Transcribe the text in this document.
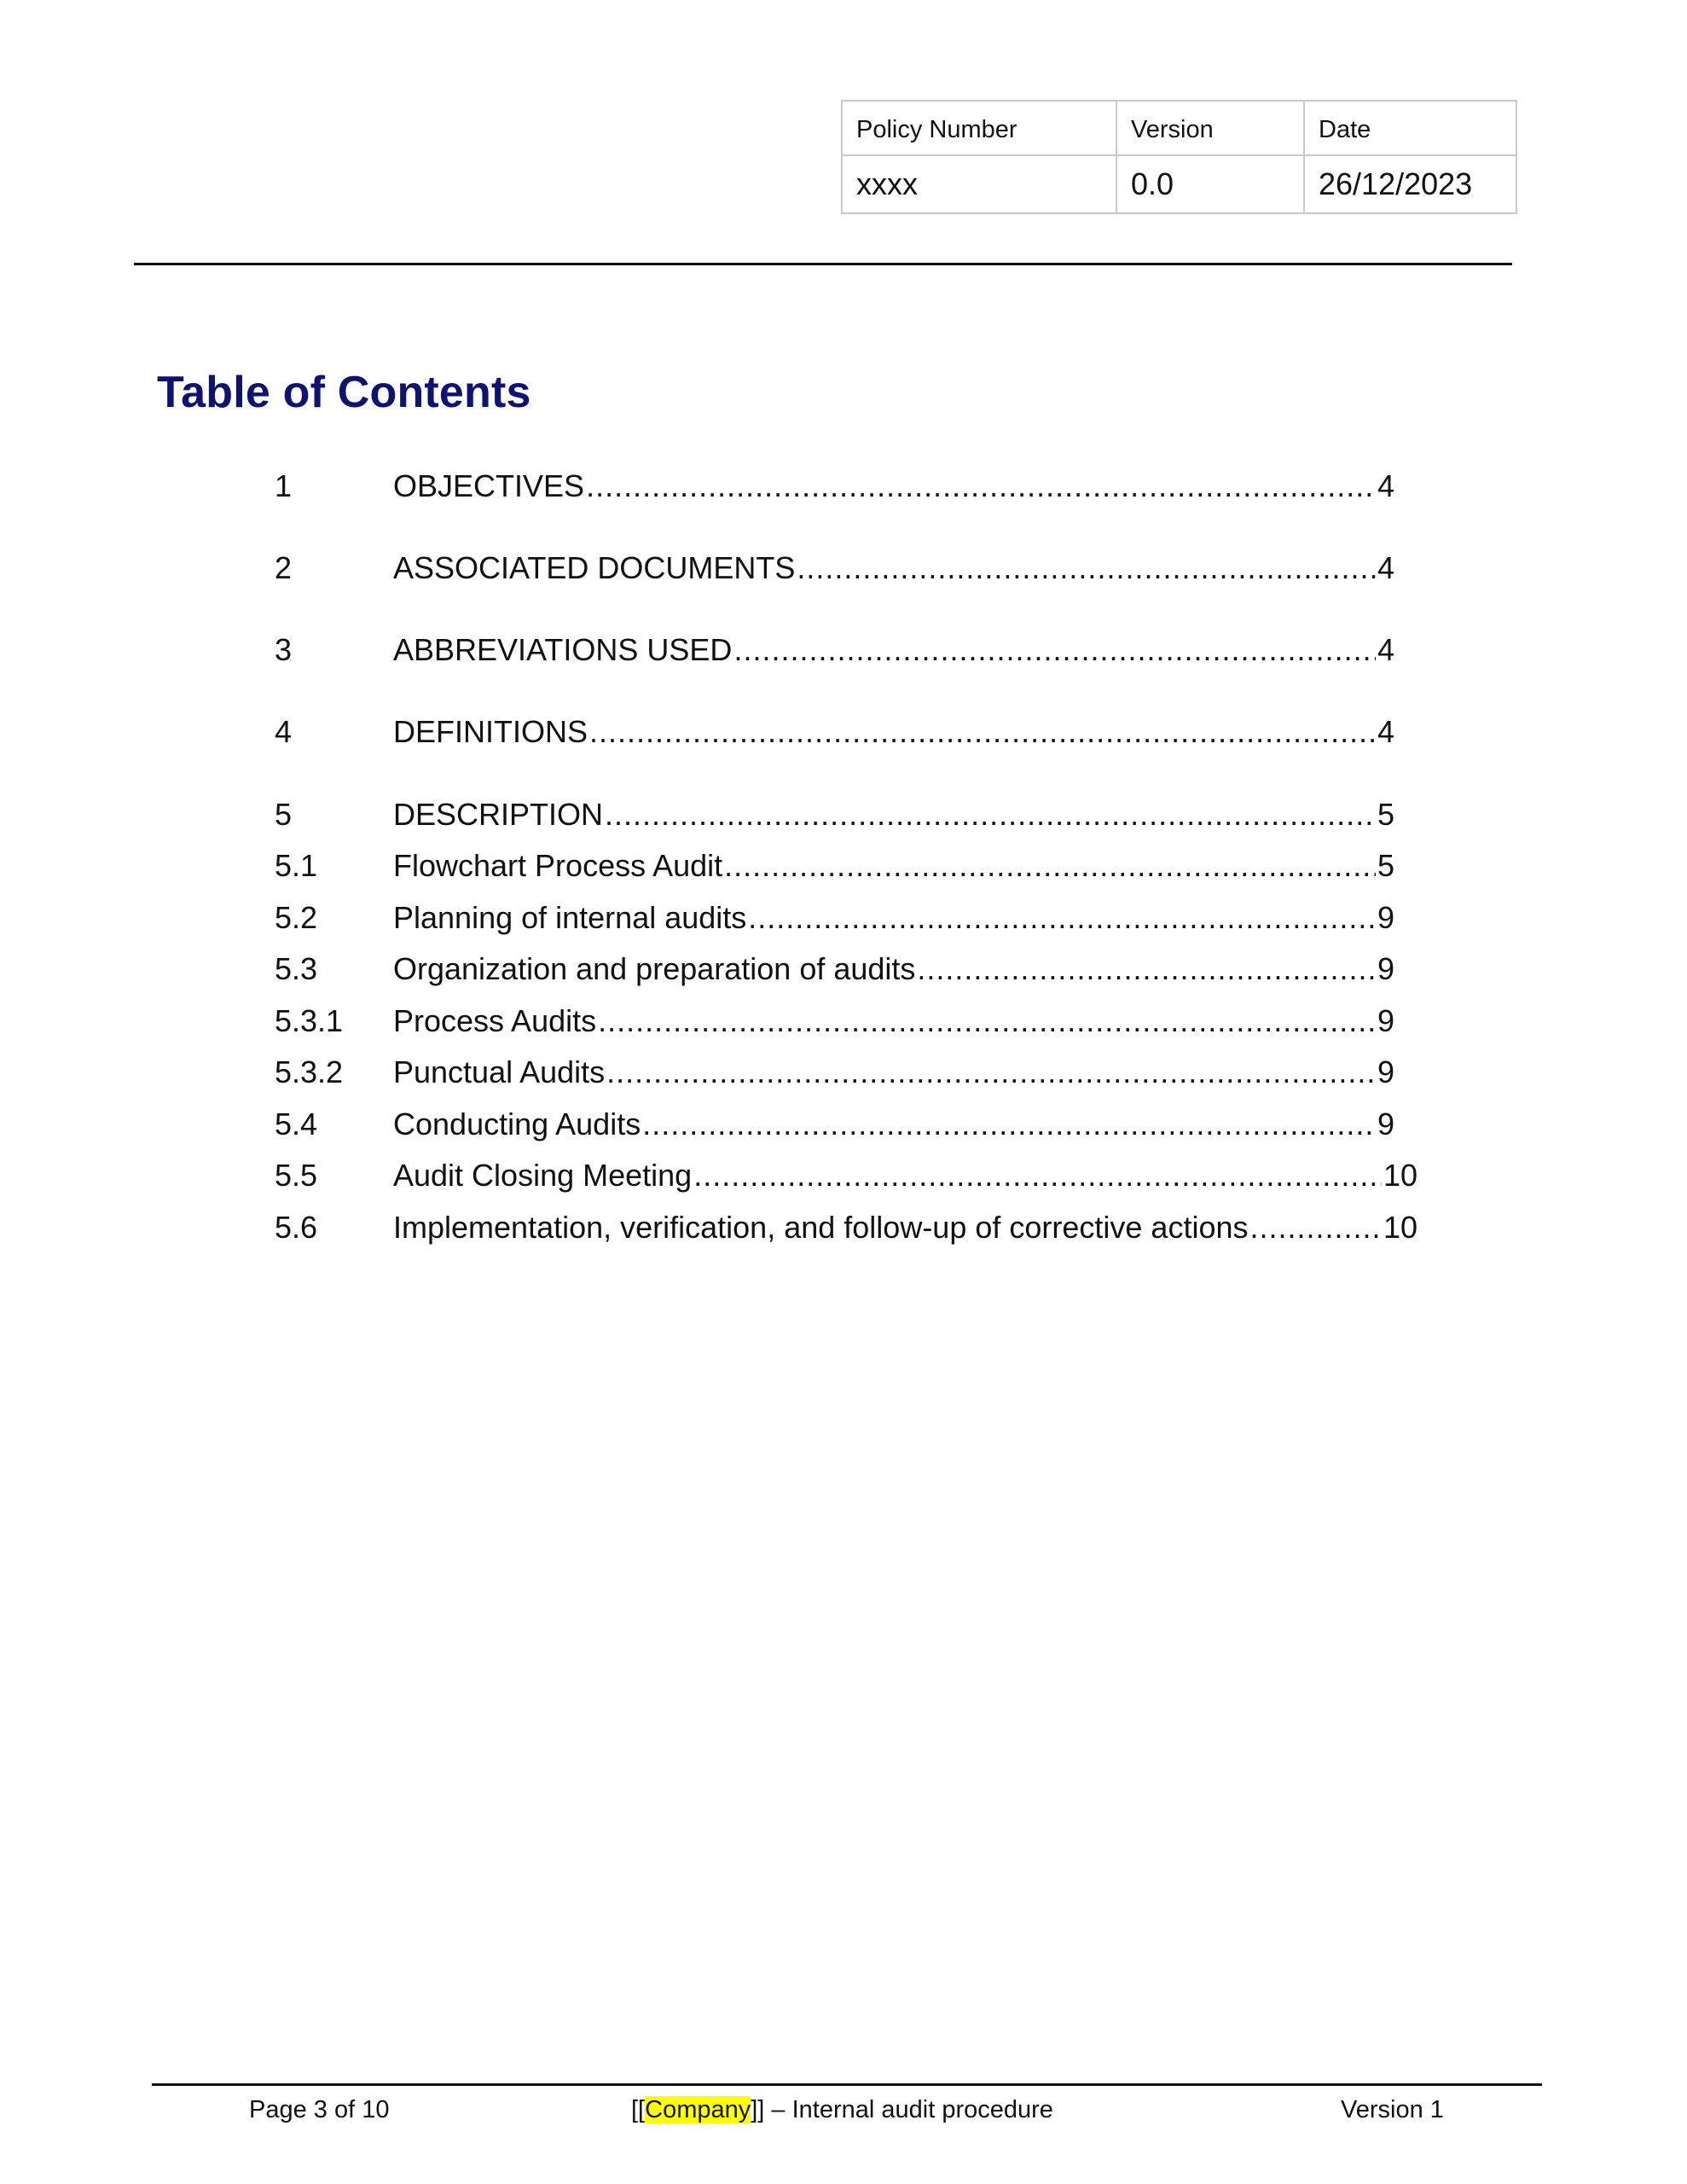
Policy Number	Version	Date
xxxx	0.0	26/12/2023
Table of Contents
1	OBJECTIVES .....	4
2	ASSOCIATED DOCUMENTS .....	4
3	ABBREVIATIONS USED .....	4
4	DEFINITIONS .....	4
5	DESCRIPTION .....	5
5.1	Flowchart Process Audit .....	5
5.2	Planning of internal audits .....	9
5.3	Organization and preparation of audits .....	9
5.3.1	Process Audits .....	9
5.3.2	Punctual Audits .....	9
5.4	Conducting Audits .....	9
5.5	Audit Closing Meeting .....	10
5.6	Implementation, verification, and follow-up of corrective actions .....	10
Page 3 of 10	[[Company]] – Internal audit procedure	Version 1
